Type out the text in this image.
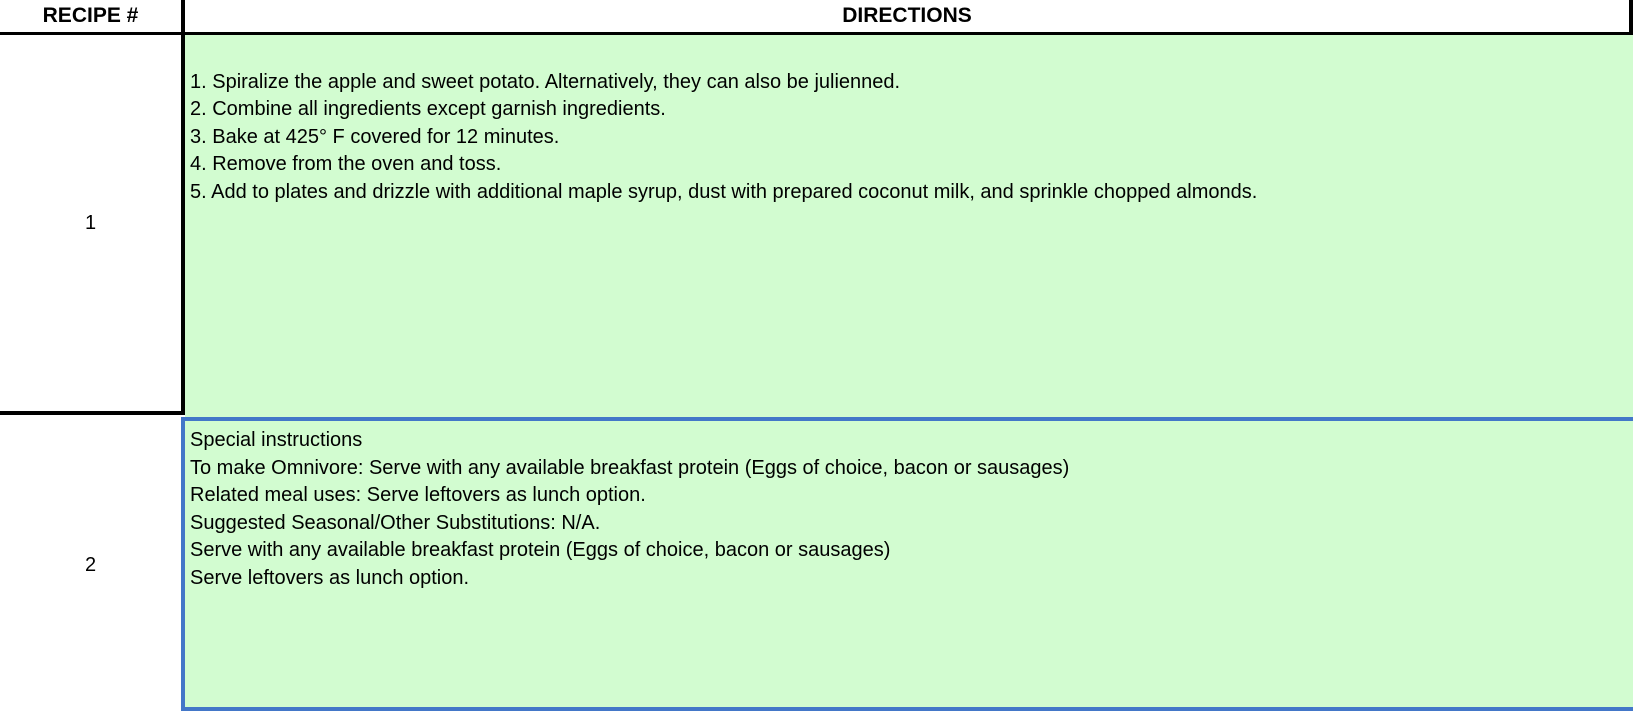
RECIPE #	DIRECTIONS
1
1. Spiralize the apple and sweet potato. Alternatively, they can also be julienned.
2. Combine all ingredients except garnish ingredients.
3. Bake at 425° F covered for 12 minutes.
4. Remove from the oven and toss.
5. Add to plates and drizzle with additional maple syrup, dust with prepared coconut milk, and sprinkle chopped almonds.
2
Special instructions
To make Omnivore: Serve with any available breakfast protein (Eggs of choice, bacon or sausages)
Related meal uses: Serve leftovers as lunch option.
Suggested Seasonal/Other Substitutions: N/A.
Serve with any available breakfast protein (Eggs of choice, bacon or sausages)
Serve leftovers as lunch option.
